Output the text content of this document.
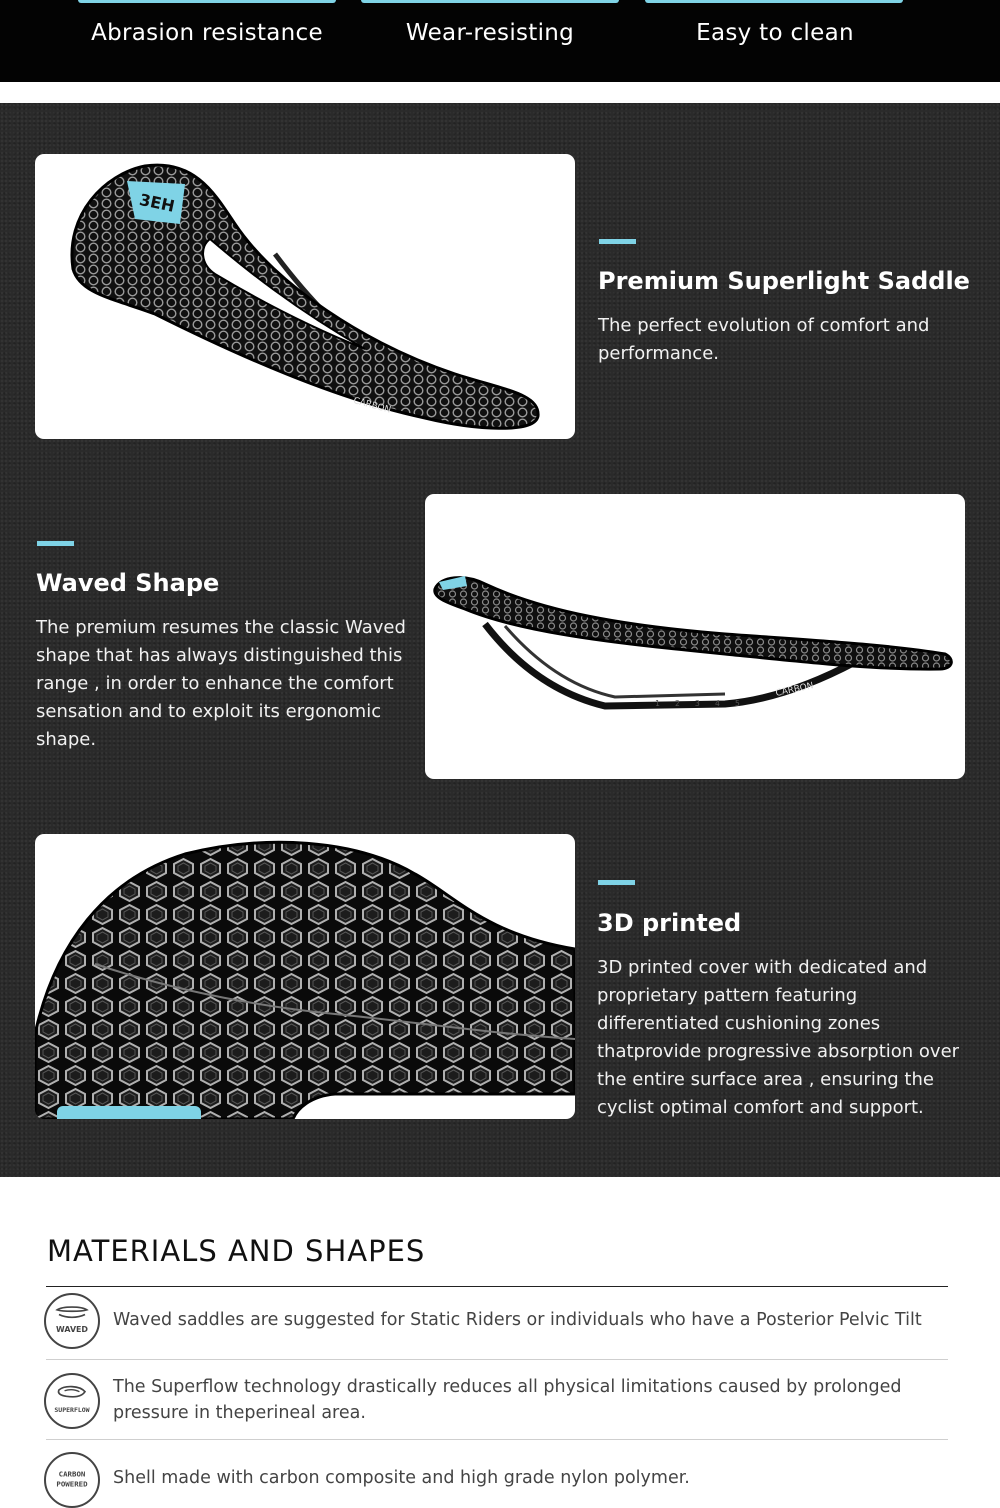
Abrasion resistance	Wear-resisting	Easy to clean
3EH
CARBON
Premium Superlight Saddle

The perfect evolution of comfort and performance.

Waved Shape

The premium resumes the classic Waved shape that has always distinguished this range , in order to enhance the comfort sensation and to exploit its ergonomic shape.

1 2 3 4 5
CARBON
3D printed

3D printed cover with dedicated and proprietary pattern featuring differentiated cushioning zones thatprovide progressive absorption over the entire surface area , ensuring the cyclist optimal comfort and support.

MATERIALS AND SHAPES
WAVED Waved saddles are suggested for Static Riders or individuals who have a Posterior Pelvic Tilt

SUPERFLOW

The Superflow technology drastically reduces all physical limitations caused by prolonged pressure in theperineal area.

CARBON
POWERED Shell made with carbon composite and high grade nylon polymer.
